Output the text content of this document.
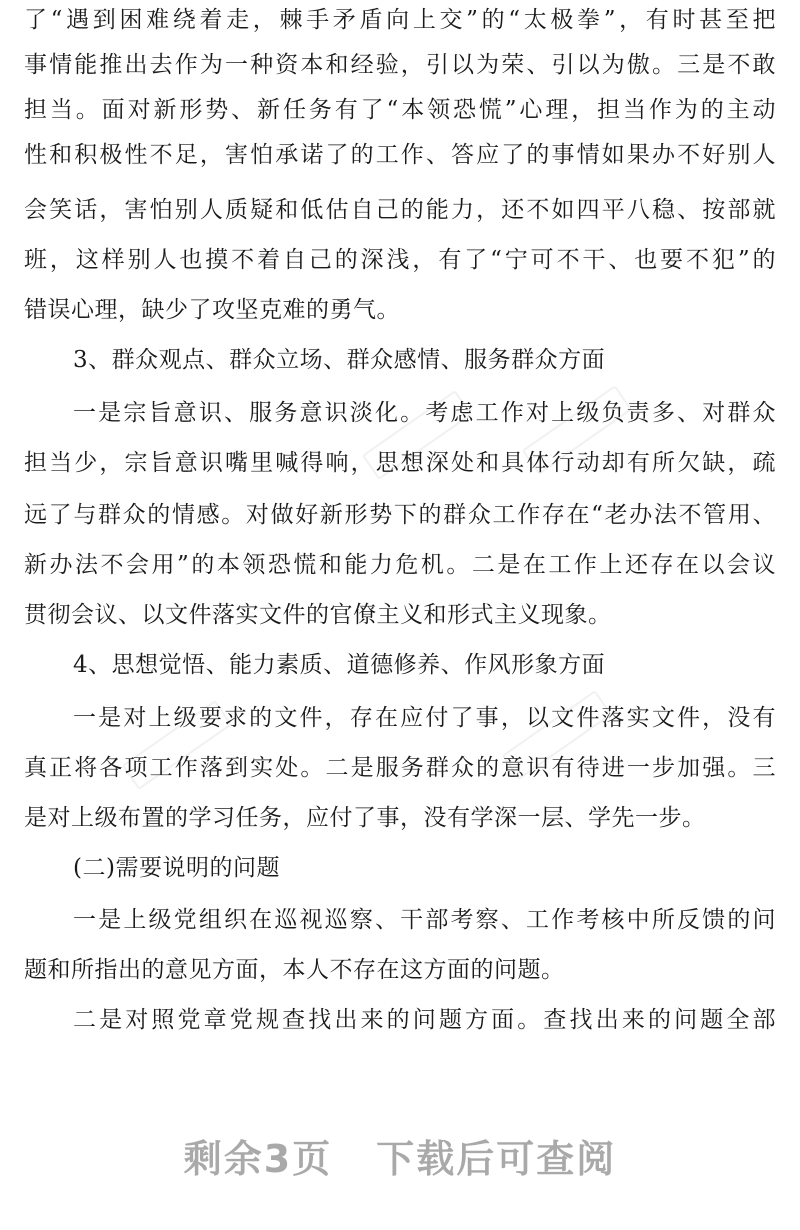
了“遇到困难绕着走，棘手矛盾向上交”的“太极拳”，有时甚至把
事情能推出去作为一种资本和经验，引以为荣、引以为傲。三是不敢
担当。面对新形势、新任务有了“本领恐慌”心理，担当作为的主动
性和积极性不足，害怕承诺了的工作、答应了的事情如果办不好别人
会笑话，害怕别人质疑和低估自己的能力，还不如四平八稳、按部就
班，这样别人也摸不着自己的深浅，有了“宁可不干、也要不犯”的
错误心理，缺少了攻坚克难的勇气。
3、群众观点、群众立场、群众感情、服务群众方面
一是宗旨意识、服务意识淡化。考虑工作对上级负责多、对群众
担当少，宗旨意识嘴里喊得响，思想深处和具体行动却有所欠缺，疏
远了与群众的情感。对做好新形势下的群众工作存在“老办法不管用、
新办法不会用”的本领恐慌和能力危机。二是在工作上还存在以会议
贯彻会议、以文件落实文件的官僚主义和形式主义现象。
4、思想觉悟、能力素质、道德修养、作风形象方面
一是对上级要求的文件，存在应付了事，以文件落实文件，没有
真正将各项工作落到实处。二是服务群众的意识有待进一步加强。三
是对上级布置的学习任务，应付了事，没有学深一层、学先一步。
(二)需要说明的问题
一是上级党组织在巡视巡察、干部考察、工作考核中所反馈的问
题和所指出的意见方面，本人不存在这方面的问题。
二是对照党章党规查找出来的问题方面。查找出来的问题全部
剩余3页 下载后可查阅
